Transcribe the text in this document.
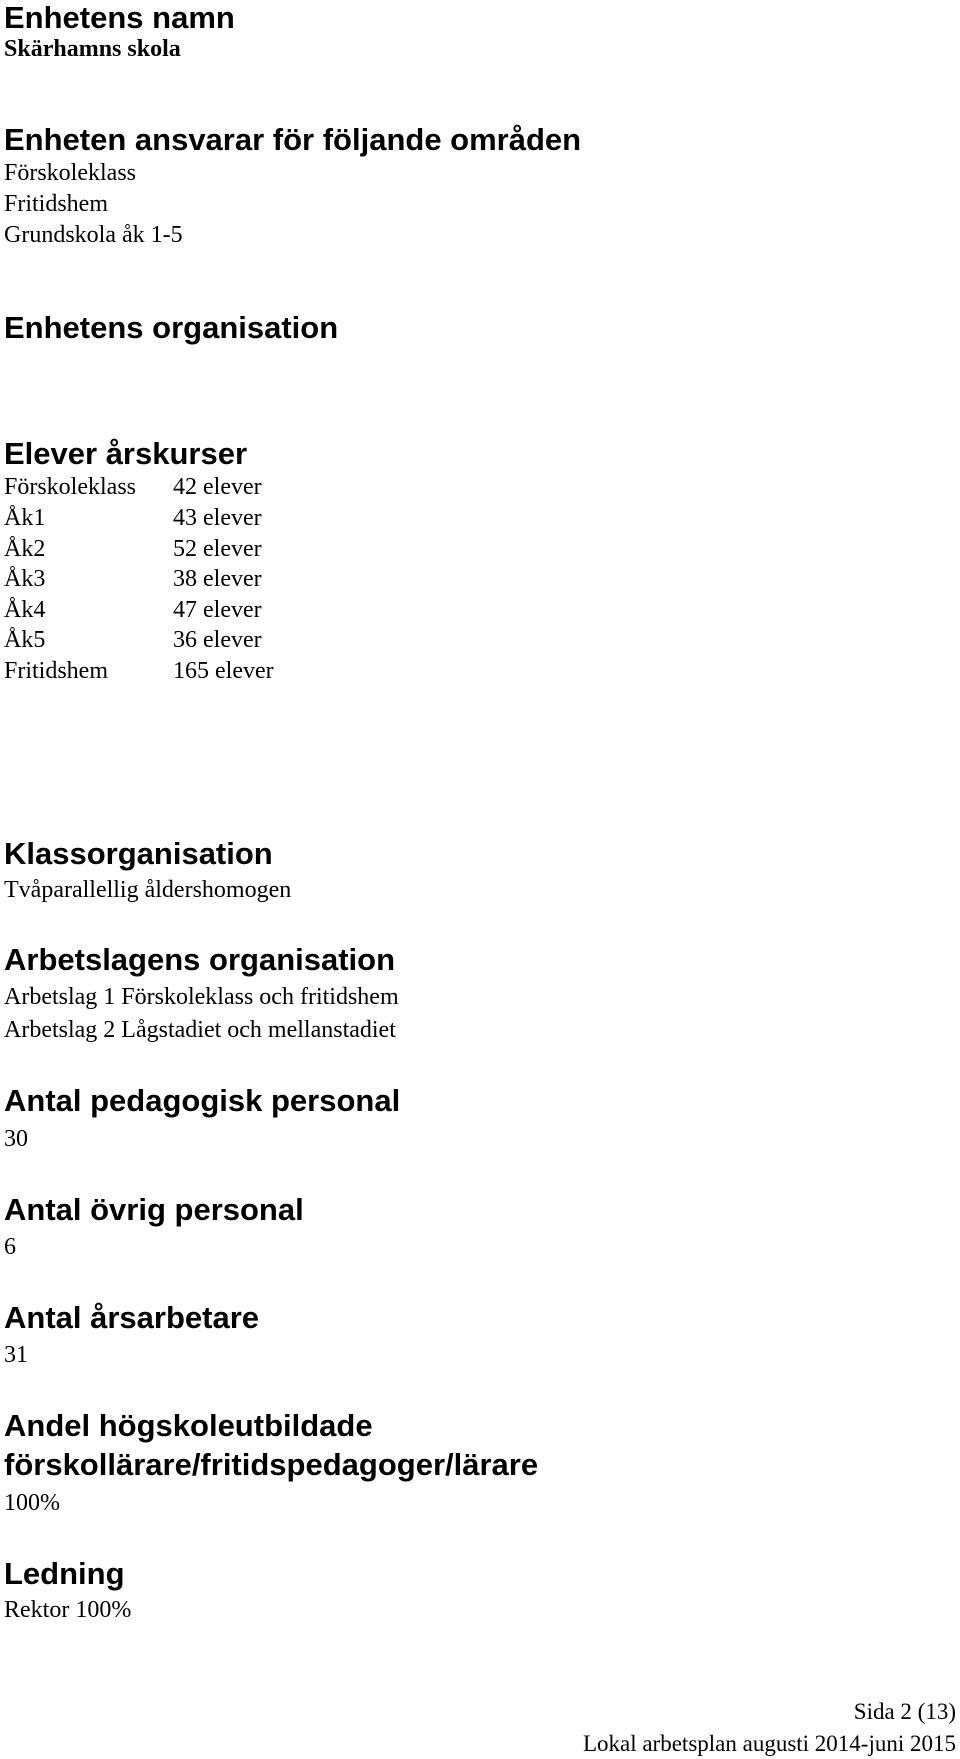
Enhetens namn
Skärhamns skola
Enheten ansvarar för följande områden
Förskoleklass
Fritidshem
Grundskola åk 1-5
Enhetens organisation
Elever årskurser
Förskoleklass 42 elever
Åk1	43 elever
Åk2	52 elever
Åk3	38 elever
Åk4	47 elever
Åk5	36 elever
Fritidshem	165 elever
Klassorganisation
Tvåparallellig åldershomogen
Arbetslagens organisation
Arbetslag 1 Förskoleklass och fritidshem
Arbetslag 2 Lågstadiet och mellanstadiet
Antal pedagogisk personal
30
Antal övrig personal
6
Antal årsarbetare
31
Andel högskoleutbildade
förskollärare/fritidspedagoger/lärare
100%
Ledning
Rektor 100%
Sida 2 (13)
Lokal arbetsplan augusti 2014-juni 2015
